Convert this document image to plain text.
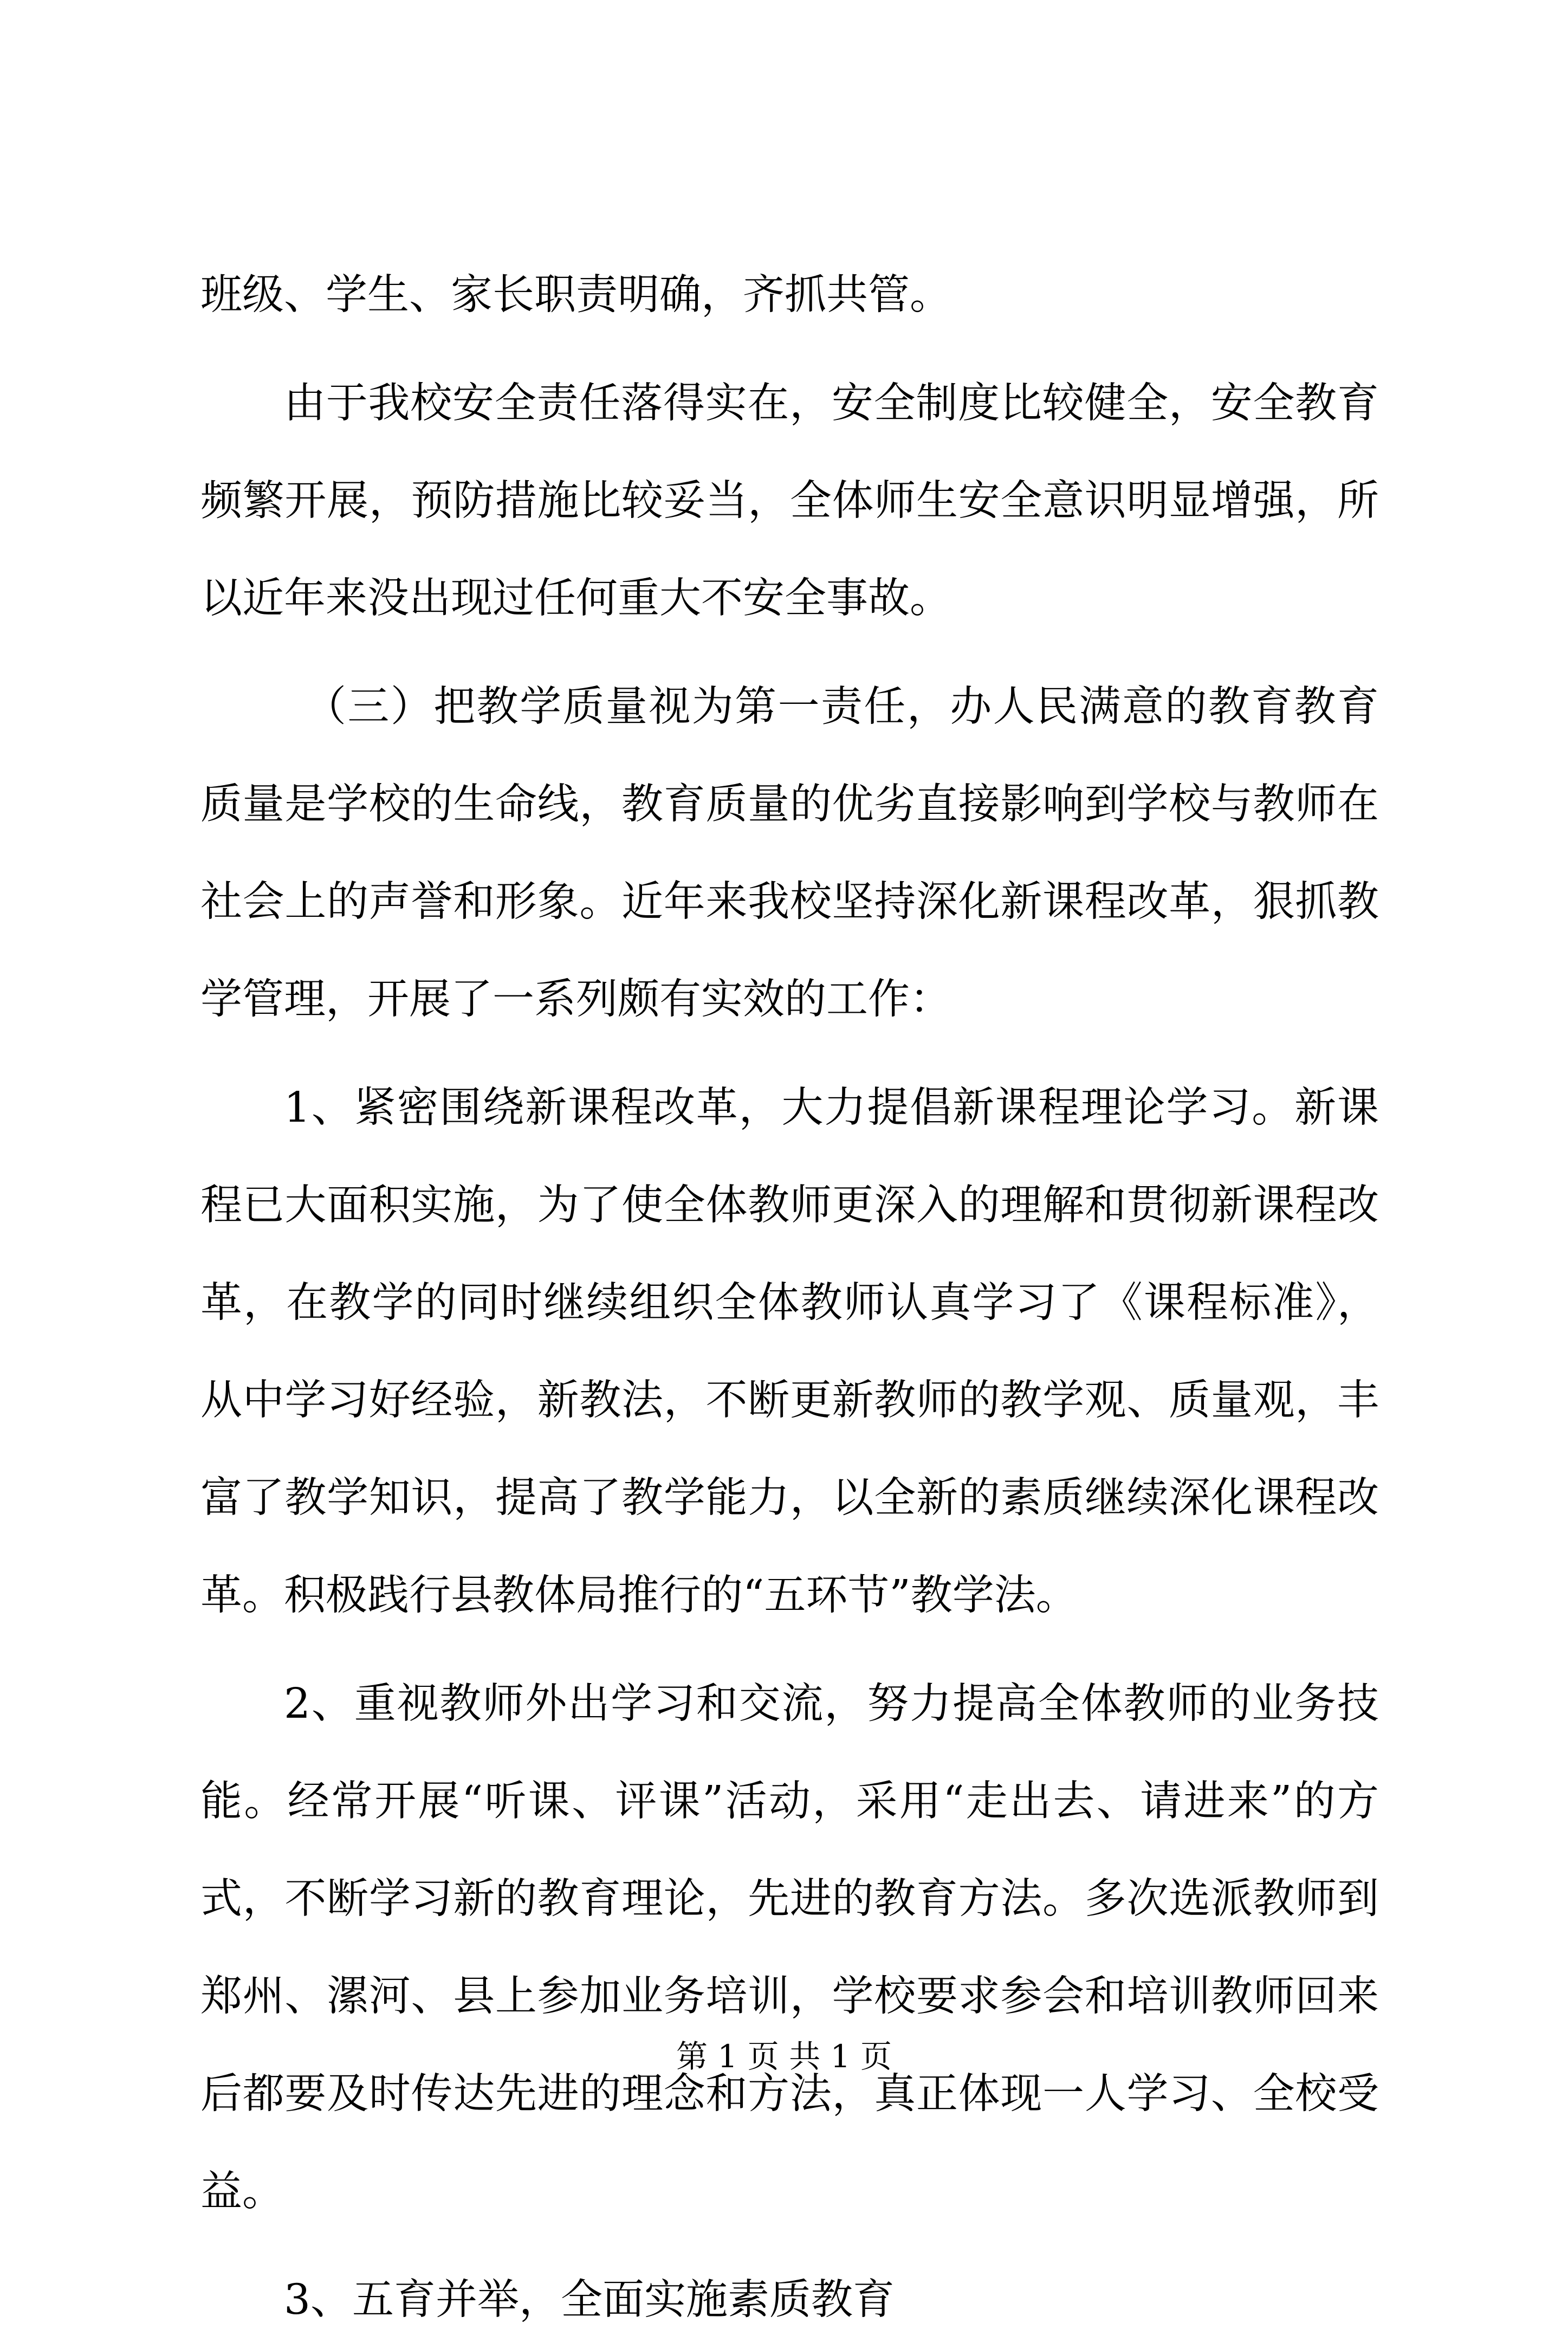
班级、学生、家长职责明确，齐抓共管。

由于我校安全责任落得实在，安全制度比较健全，安全教育频繁开展，预防措施比较妥当，全体师生安全意识明显增强，所以近年来没出现过任何重大不安全事故。

（三）把教学质量视为第一责任，办人民满意的教育教育质量是学校的生命线，教育质量的优劣直接影响到学校与教师在社会上的声誉和形象。近年来我校坚持深化新课程改革，狠抓教学管理，开展了一系列颇有实效的工作：

1、紧密围绕新课程改革，大力提倡新课程理论学习。新课程已大面积实施，为了使全体教师更深入的理解和贯彻新课程改革，在教学的同时继续组织全体教师认真学习了《课程标准》，从中学习好经验，新教法，不断更新教师的教学观、质量观，丰富了教学知识，提高了教学能力，以全新的素质继续深化课程改革。积极践行县教体局推行的“五环节”教学法。

2、重视教师外出学习和交流，努力提高全体教师的业务技能。经常开展“听课、评课”活动，采用“走出去、请进来”的方式，不断学习新的教育理论，先进的教育方法。多次选派教师到郑州、漯河、县上参加业务培训，学校要求参会和培训教师回来后都要及时传达先进的理念和方法，真正体现一人学习、全校受益。

3、五育并举，全面实施素质教育

第 1 页 共 1 页
